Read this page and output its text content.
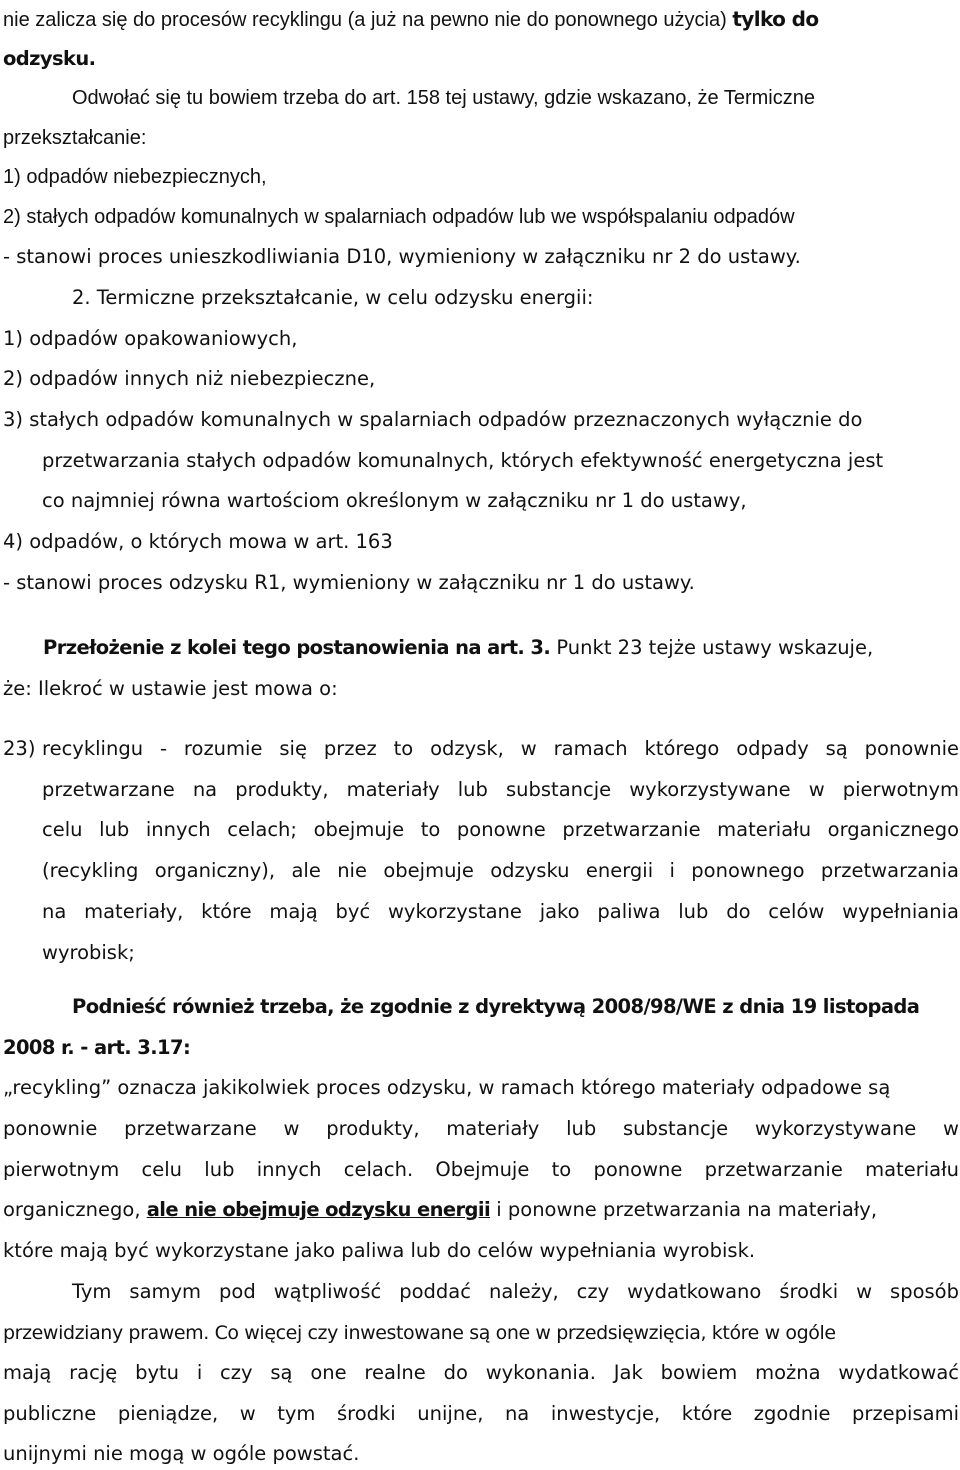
nie zalicza się do procesów recyklingu (a już na pewno nie do ponownego użycia) tylko do
odzysku.
Odwołać się tu bowiem trzeba do art. 158 tej ustawy, gdzie wskazano, że Termiczne
przekształcanie:
1) odpadów niebezpiecznych,
2) stałych odpadów komunalnych w spalarniach odpadów lub we współspalaniu odpadów
- stanowi proces unieszkodliwiania D10, wymieniony w załączniku nr 2 do ustawy.
2. Termiczne przekształcanie, w celu odzysku energii:
1) odpadów opakowaniowych,
2) odpadów innych niż niebezpieczne,
3) stałych odpadów komunalnych w spalarniach odpadów przeznaczonych wyłącznie do
przetwarzania stałych odpadów komunalnych, których efektywność energetyczna jest
co najmniej równa wartościom określonym w załączniku nr 1 do ustawy,
4) odpadów, o których mowa w art. 163
- stanowi proces odzysku R1, wymieniony w załączniku nr 1 do ustawy.
Przełożenie z kolei tego postanowienia na art. 3. Punkt 23 tejże ustawy wskazuje,
że: Ilekroć w ustawie jest mowa o:
23) recyklingu - rozumie się przez to odzysk, w ramach którego odpady są ponownie
przetwarzane na produkty, materiały lub substancje wykorzystywane w pierwotnym
celu lub innych celach; obejmuje to ponowne przetwarzanie materiału organicznego
(recykling organiczny), ale nie obejmuje odzysku energii i ponownego przetwarzania
na materiały, które mają być wykorzystane jako paliwa lub do celów wypełniania
wyrobisk;
Podnieść również trzeba, że zgodnie z dyrektywą 2008/98/WE z dnia 19 listopada
2008 r. - art. 3.17:
„recykling” oznacza jakikolwiek proces odzysku, w ramach którego materiały odpadowe są
ponownie przetwarzane w produkty, materiały lub substancje wykorzystywane w
pierwotnym celu lub innych celach. Obejmuje to ponowne przetwarzanie materiału
organicznego, ale nie obejmuje odzysku energii i ponowne przetwarzania na materiały,
które mają być wykorzystane jako paliwa lub do celów wypełniania wyrobisk.
Tym samym pod wątpliwość poddać należy, czy wydatkowano środki w sposób
przewidziany prawem. Co więcej czy inwestowane są one w przedsięwzięcia, które w ogóle
mają rację bytu i czy są one realne do wykonania. Jak bowiem można wydatkować
publiczne pieniądze, w tym środki unijne, na inwestycje, które zgodnie przepisami
unijnymi nie mogą w ogóle powstać.
